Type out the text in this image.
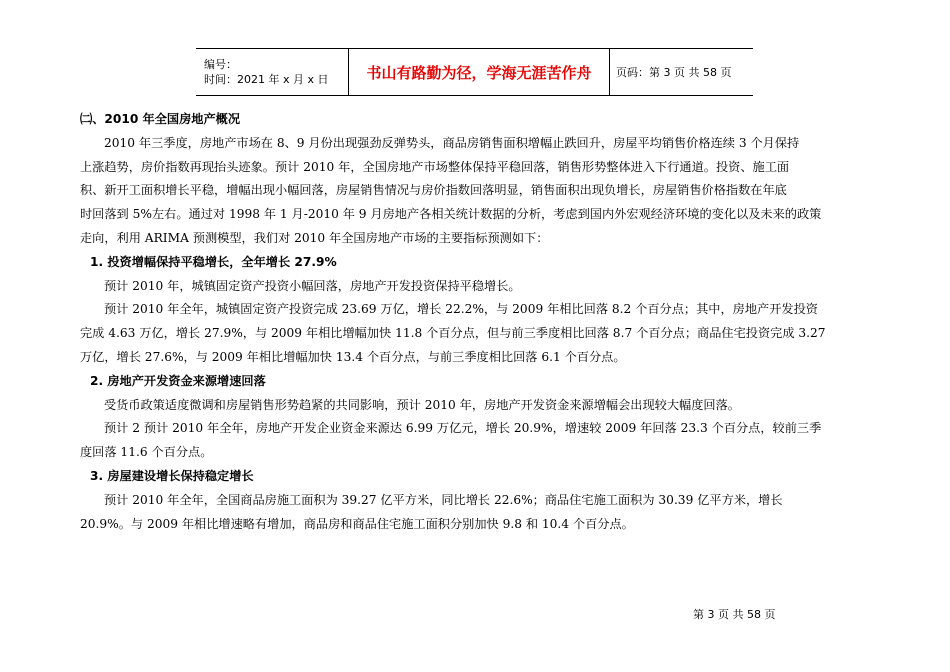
编号：
时间：2021 年 x 月 x 日	书山有路勤为径，学海无涯苦作舟	页码：第 3 页 共 58 页
㈡、2010 年全国房地产概况
2010 年三季度，房地产市场在 8、9 月份出现强劲反弹势头，商品房销售面积增幅止跌回升，房屋平均销售价格连续 3 个月保持
上涨趋势，房价指数再现抬头迹象。预计 2010 年，全国房地产市场整体保持平稳回落，销售形势整体进入下行通道。投资、施工面
积、新开工面积增长平稳，增幅出现小幅回落，房屋销售情况与房价指数回落明显，销售面积出现负增长，房屋销售价格指数在年底
时回落到 5%左右。通过对 1998 年 1 月-2010 年 9 月房地产各相关统计数据的分析，考虑到国内外宏观经济环境的变化以及未来的政策
走向，利用 ARIMA 预测模型，我们对 2010 年全国房地产市场的主要指标预测如下：
1. 投资增幅保持平稳增长，全年增长 27.9%
预计 2010 年，城镇固定资产投资小幅回落，房地产开发投资保持平稳增长。
预计 2010 年全年，城镇固定资产投资完成 23.69 万亿，增长 22.2%，与 2009 年相比回落 8.2 个百分点；其中，房地产开发投资
完成 4.63 万亿，增长 27.9%，与 2009 年相比增幅加快 11.8 个百分点，但与前三季度相比回落 8.7 个百分点；商品住宅投资完成 3.27
万亿，增长 27.6%，与 2009 年相比增幅加快 13.4 个百分点，与前三季度相比回落 6.1 个百分点。
2. 房地产开发资金来源增速回落
受货币政策适度微调和房屋销售形势趋紧的共同影响，预计 2010 年，房地产开发资金来源增幅会出现较大幅度回落。
预计 2 预计 2010 年全年，房地产开发企业资金来源达 6.99 万亿元，增长 20.9%，增速较 2009 年回落 23.3 个百分点，较前三季
度回落 11.6 个百分点。
3. 房屋建设增长保持稳定增长
预计 2010 年全年，全国商品房施工面积为 39.27 亿平方米，同比增长 22.6%；商品住宅施工面积为 30.39 亿平方米，增长
20.9%。与 2009 年相比增速略有增加，商品房和商品住宅施工面积分别加快 9.8 和 10.4 个百分点。
第 3 页 共 58 页
